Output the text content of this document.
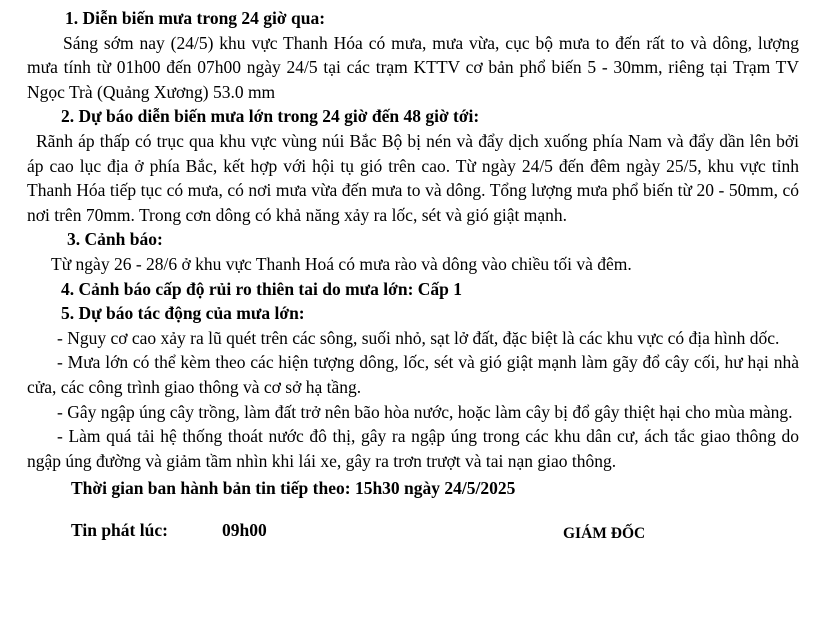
1. Diễn biến mưa trong 24 giờ qua:

Sáng sớm nay (24/5) khu vực Thanh Hóa có mưa, mưa vừa, cục bộ mưa to đến rất to và dông, lượng mưa tính từ 01h00 đến 07h00 ngày 24/5 tại các trạm KTTV cơ bản phổ biến 5 - 30mm, riêng tại Trạm TV Ngọc Trà (Quảng Xương) 53.0 mm

2. Dự báo diễn biến mưa lớn trong 24 giờ đến 48 giờ tới:

Rãnh áp thấp có trục qua khu vực vùng núi Bắc Bộ bị nén và đẩy dịch xuống phía Nam và đẩy dần lên bởi áp cao lục địa ở phía Bắc, kết hợp với hội tụ gió trên cao. Từ ngày 24/5 đến đêm ngày 25/5, khu vực tỉnh Thanh Hóa tiếp tục có mưa, có nơi mưa vừa đến mưa to và dông. Tổng lượng mưa phổ biến từ 20 - 50mm, có nơi trên 70mm. Trong cơn dông có khả năng xảy ra lốc, sét và gió giật mạnh.

3. Cảnh báo:

Từ ngày 26 - 28/6 ở khu vực Thanh Hoá có mưa rào và dông vào chiều tối và đêm.

4. Cảnh báo cấp độ rủi ro thiên tai do mưa lớn: Cấp 1

5. Dự báo tác động của mưa lớn:

- Nguy cơ cao xảy ra lũ quét trên các sông, suối nhỏ, sạt lở đất, đặc biệt là các khu vực có địa hình dốc.

- Mưa lớn có thể kèm theo các hiện tượng dông, lốc, sét và gió giật mạnh làm gãy đổ cây cối, hư hại nhà cửa, các công trình giao thông và cơ sở hạ tầng.

- Gây ngập úng cây trồng, làm đất trở nên bão hòa nước, hoặc làm cây bị đổ gây thiệt hại cho mùa màng.

- Làm quá tải hệ thống thoát nước đô thị, gây ra ngập úng trong các khu dân cư, ách tắc giao thông do ngập úng đường và giảm tầm nhìn khi lái xe, gây ra trơn trượt và tai nạn giao thông.

Thời gian ban hành bản tin tiếp theo: 15h30 ngày 24/5/2025

Tin phát lúc:	09h00	GIÁM ĐỐC
